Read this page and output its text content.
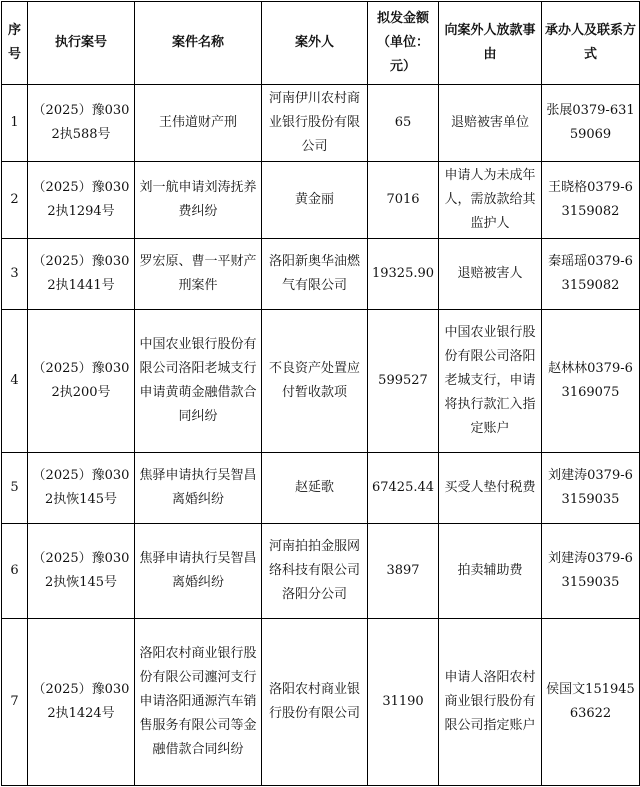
序号	执行案号	案件名称	案外人	拟发金额（单位：元）	向案外人放款事由	承办人及联系方式
1	（2025）豫0302执588号	王伟道财产刑	河南伊川农村商业银行股份有限公司	65	退赔被害单位	张展0379-63159069
2	（2025）豫0302执1294号	刘一航申请刘涛抚养费纠纷	黄金丽	7016	申请人为未成年人，需放款给其监护人	王晓格0379-63159082
3	（2025）豫0302执1441号	罗宏原、曹一平财产刑案件	洛阳新奥华油燃气有限公司	19325.90	退赔被害人	秦瑶瑶0379-63159082
4	（2025）豫0302执200号	中国农业银行股份有限公司洛阳老城支行申请黄萌金融借款合同纠纷	不良资产处置应付暂收款项	599527	中国农业银行股份有限公司洛阳老城支行，申请将执行款汇入指定账户	赵林林0379-63169075
5	（2025）豫0302执恢145号	焦驿申请执行吴智昌离婚纠纷	赵延歌	67425.44	买受人垫付税费	刘建涛0379-63159035
6	（2025）豫0302执恢145号	焦驿申请执行吴智昌离婚纠纷	河南拍拍金服网络科技有限公司洛阳分公司	3897	拍卖辅助费	刘建涛0379-63159035
7	（2025）豫0302执1424号	洛阳农村商业银行股份有限公司瀍河支行申请洛阳通源汽车销售服务有限公司等金融借款合同纠纷	洛阳农村商业银行股份有限公司	31190	申请人洛阳农村商业银行股份有限公司指定账户	侯国文15194563622
